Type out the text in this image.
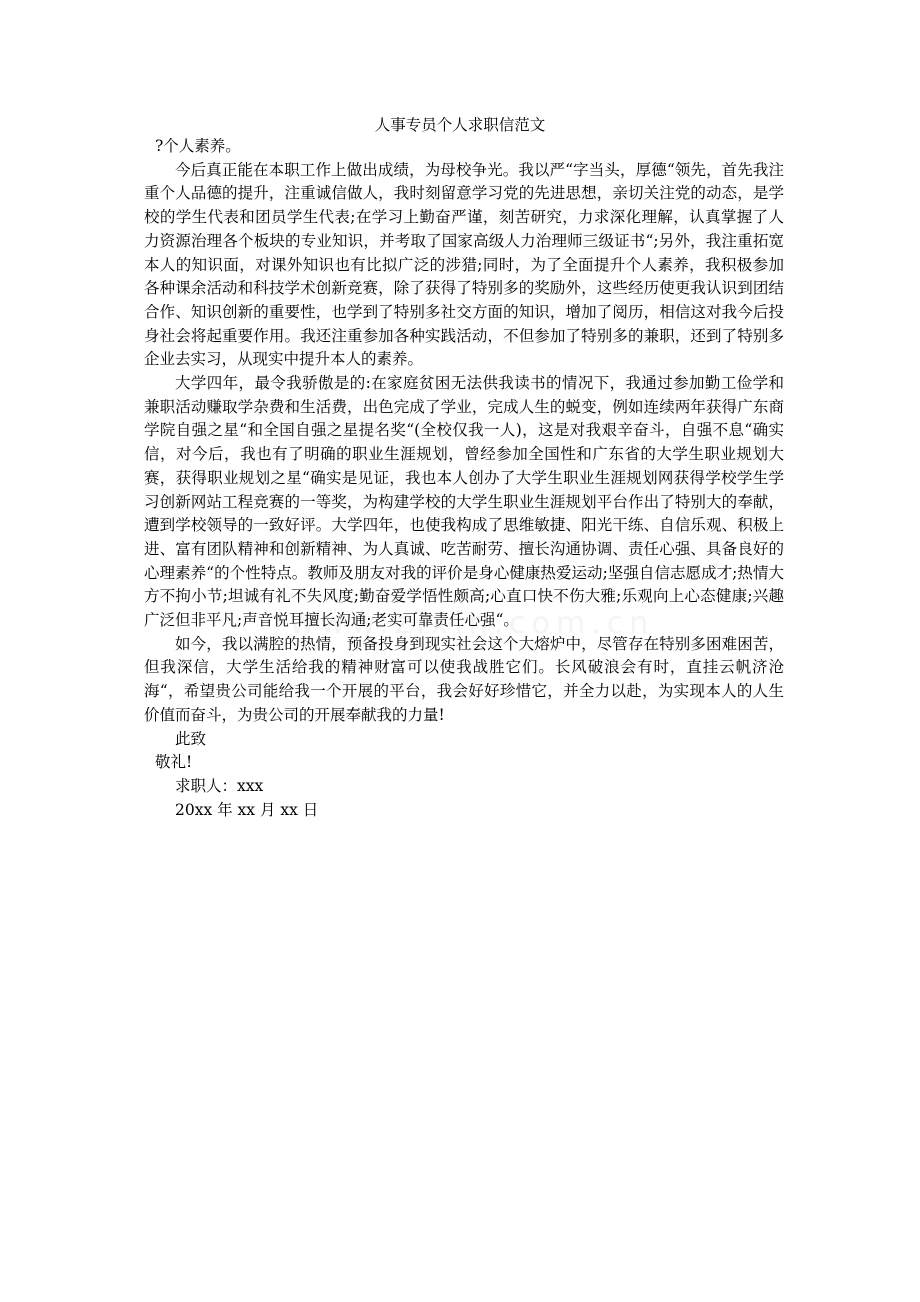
人事专员个人求职信范文

?个人素养。

今后真正能在本职工作上做出成绩，为母校争光。我以严“字当头，厚德“领先，首先我注重个人品德的提升，注重诚信做人，我时刻留意学习党的先进思想，亲切关注党的动态，是学校的学生代表和团员学生代表;在学习上勤奋严谨，刻苦研究，力求深化理解，认真掌握了人力资源治理各个板块的专业知识，并考取了国家高级人力治理师三级证书“;另外，我注重拓宽本人的知识面，对课外知识也有比拟广泛的涉猎;同时，为了全面提升个人素养，我积极参加各种课余活动和科技学术创新竞赛，除了获得了特别多的奖励外，这些经历使更我认识到团结合作、知识创新的重要性，也学到了特别多社交方面的知识，增加了阅历，相信这对我今后投身社会将起重要作用。我还注重参加各种实践活动，不但参加了特别多的兼职，还到了特别多企业去实习，从现实中提升本人的素养。

大学四年，最令我骄傲是的:在家庭贫困无法供我读书的情况下，我通过参加勤工俭学和兼职活动赚取学杂费和生活费，出色完成了学业，完成人生的蜕变，例如连续两年获得广东商学院自强之星“和全国自强之星提名奖“(全校仅我一人)，这是对我艰辛奋斗，自强不息“确实信，对今后，我也有了明确的职业生涯规划，曾经参加全国性和广东省的大学生职业规划大赛，获得职业规划之星“确实是见证，我也本人创办了大学生职业生涯规划网获得学校学生学习创新网站工程竞赛的一等奖，为构建学校的大学生职业生涯规划平台作出了特别大的奉献，遭到学校领导的一致好评。大学四年，也使我构成了思维敏捷、阳光干练、自信乐观、积极上进、富有团队精神和创新精神、为人真诚、吃苦耐劳、擅长沟通协调、责任心强、具备良好的心理素养“的个性特点。教师及朋友对我的评价是身心健康热爱运动;坚强自信志愿成才;热情大方不拘小节;坦诚有礼不失风度;勤奋爱学悟性颇高;心直口快不伤大雅;乐观向上心态健康;兴趣广泛但非平凡;声音悦耳擅长沟通;老实可靠责任心强“。

如今，我以满腔的热情，预备投身到现实社会这个大熔炉中，尽管存在特别多困难困苦，但我深信，大学生活给我的精神财富可以使我战胜它们。长风破浪会有时，直挂云帆济沧海“，希望贵公司能给我一个开展的平台，我会好好珍惜它，并全力以赴，为实现本人的人生价值而奋斗，为贵公司的开展奉献我的力量!

此致

敬礼!

求职人：xxx

20xx 年 xx 月 xx 日
